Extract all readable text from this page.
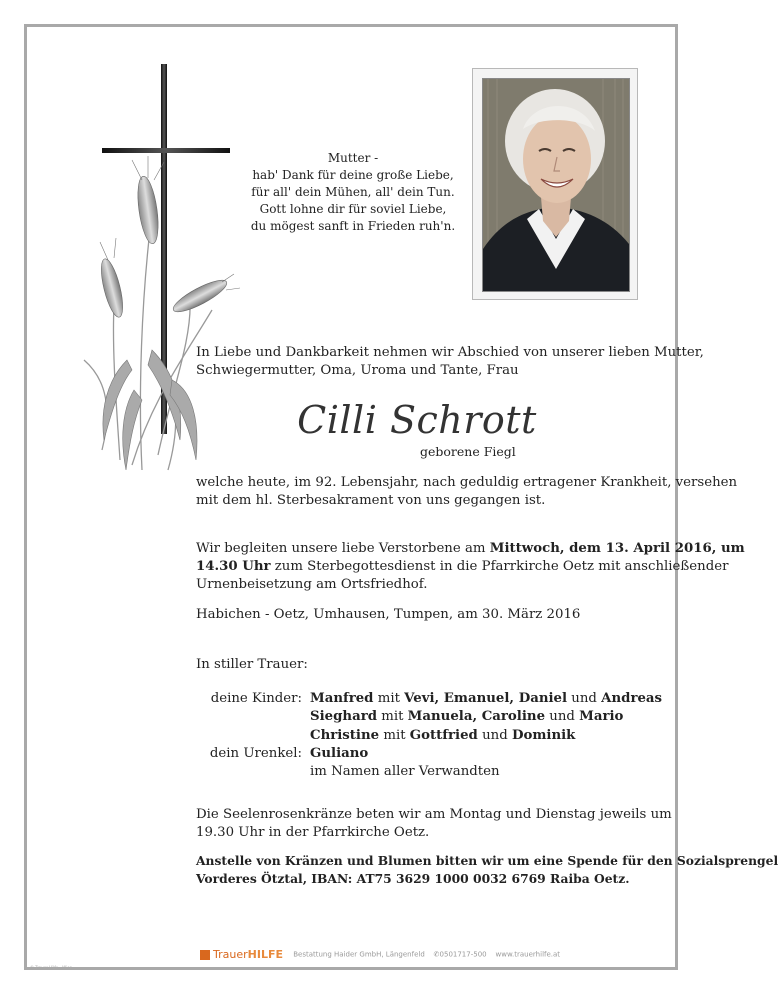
Mutter -
hab' Dank für deine große Liebe,
für all' dein Mühen, all' dein Tun.
Gott lohne dir für soviel Liebe,
du mögest sanft in Frieden ruh'n.
In Liebe und Dankbarkeit nehmen wir Abschied von unserer lieben Mutter,
Schwiegermutter, Oma, Uroma und Tante, Frau
Cilli Schrott
geborene Fiegl
welche heute, im 92. Lebensjahr, nach geduldig ertragener Krankheit, versehen
mit dem hl. Sterbesakrament von uns gegangen ist.
Wir begleiten unsere liebe Verstorbene am Mittwoch, dem 13. April 2016, um
14.30 Uhr zum Sterbegottesdienst in die Pfarrkirche Oetz mit anschließender
Urnenbeisetzung am Ortsfriedhof.
Habichen - Oetz, Umhausen, Tumpen, am 30. März 2016
In stiller Trauer:
deine Kinder: Manfred mit Vevi, Emanuel, Daniel und Andreas
Sieghard mit Manuela, Caroline und Mario
Christine mit Gottfried und Dominik
dein Urenkel: Guliano
im Namen aller Verwandten
Die Seelenrosenkränze beten wir am Montag und Dienstag jeweils um
19.30 Uhr in der Pfarrkirche Oetz.
Anstelle von Kränzen und Blumen bitten wir um eine Spende für den Sozialsprengel
Vorderes Ötztal, IBAN: AT75 3629 1000 0032 6769 Raiba Oetz.
TrauerHILFE Bestattung Haider GmbH, Längenfeld ✆0501717-500 www.trauerhilfe.at
© Trauer Hilfe - Wien
